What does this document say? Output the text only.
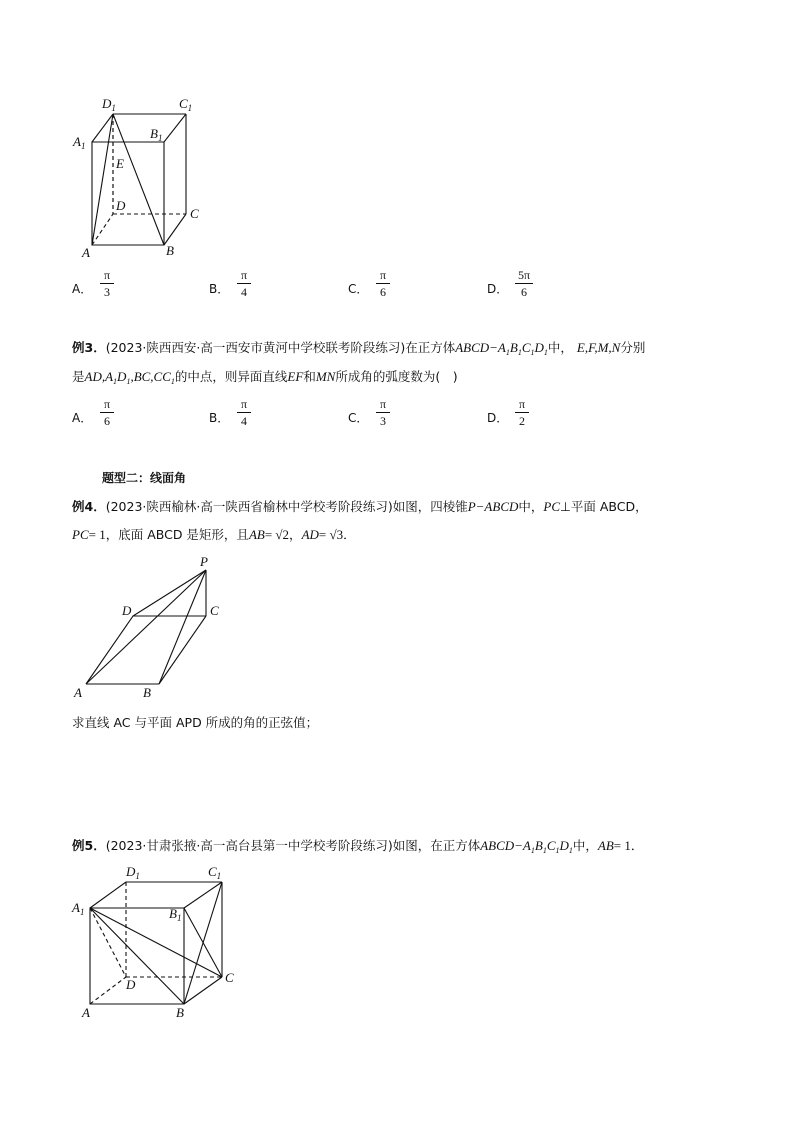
$D_1$	$C_1$
$A_1$
$B_1$
E
D
C
A	B
A．
π
3	B．
π
4	C．
π
6	D．
5π
6
例3．(2023·陕西西安·高一西安市黄河中学校联考阶段练习)在正方体$ABCD-A_1B_1C_1D_1$中， E,F,M,N分别
是$AD,A_1D_1,BC,CC_1$的中点，则异面直线EF和MN所成角的弧度数为(　)
A．
π
6	B．
π
4	C．
π
3	D．
π
2
题型二：线面角
例4．(2023·陕西榆林·高一陕西省榆林中学校考阶段练习)如图，四棱锥P−ABCD中，PC⊥平面 ABCD，
PC= 1，底面 ABCD 是矩形，且AB= √2，AD= √3．
P
D	C
A	B
求直线 AC 与平面 APD 所成的角的正弦值；
例5．(2023·甘肃张掖·高一高台县第一中学校考阶段练习)如图，在正方体$ABCD-A_1B_1C_1D_1$中，AB= 1．
$D_1$	$C_1$
$A_1$	$B_1$
D	C
A	B
